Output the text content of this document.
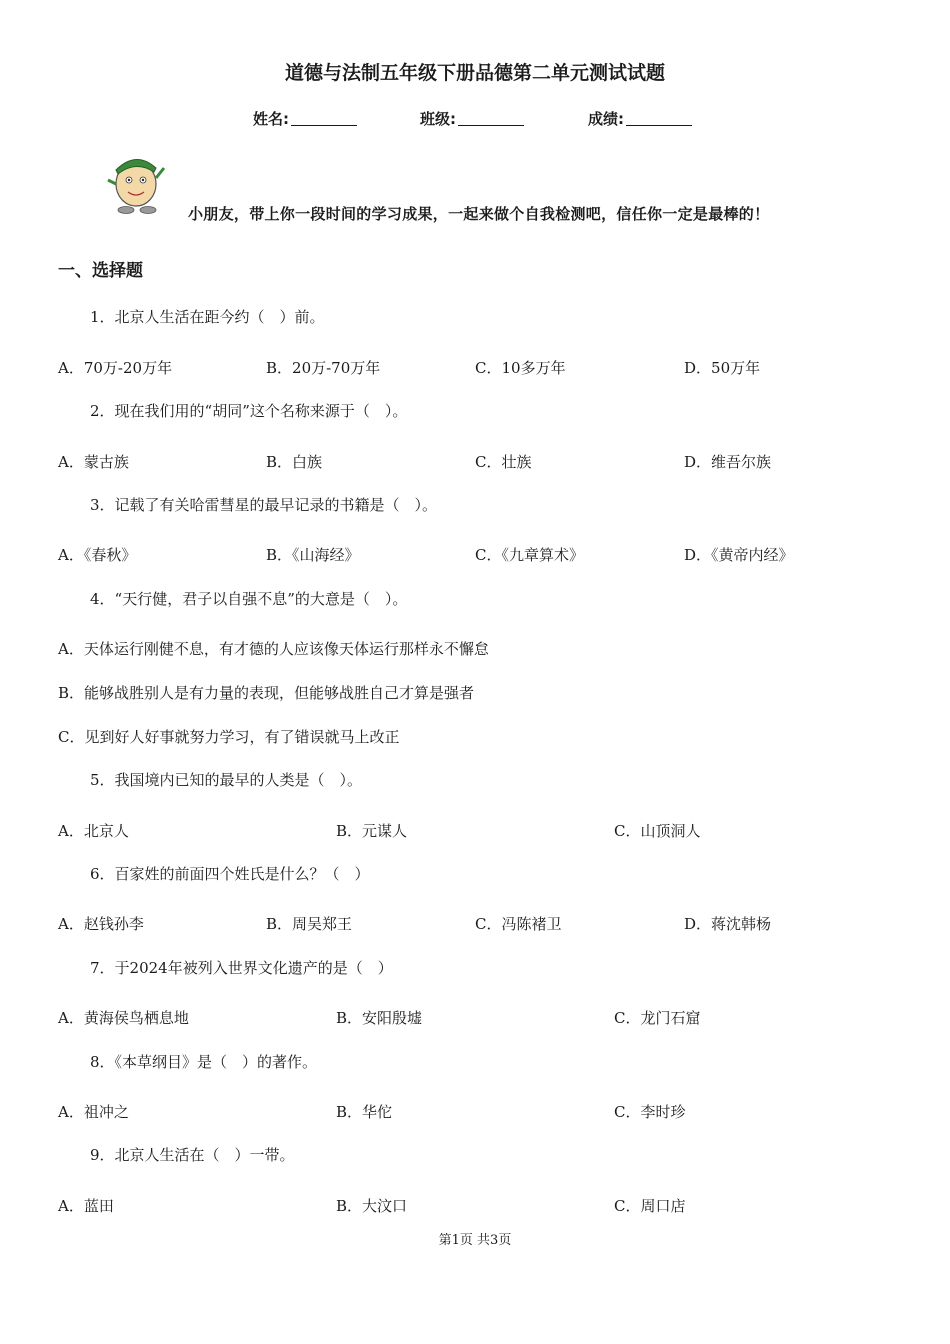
道德与法制五年级下册品德第二单元测试试题
姓名:	班级:	成绩:
小朋友，带上你一段时间的学习成果，一起来做个自我检测吧，信任你一定是最棒的！
一、选择题
1．北京人生活在距今约（　）前。
A．70万-20万年	B．20万-70万年	C．10多万年	D．50万年
2．现在我们用的“胡同”这个名称来源于（　）。
A．蒙古族	B．白族	C．壮族	D．维吾尔族
3．记载了有关哈雷彗星的最早记录的书籍是（　）。
A．《春秋》	B．《山海经》	C．《九章算术》	D．《黄帝内经》
4．“天行健，君子以自强不息”的大意是（　）。
A．天体运行刚健不息，有才德的人应该像天体运行那样永不懈怠
B．能够战胜别人是有力量的表现，但能够战胜自己才算是强者
C．见到好人好事就努力学习，有了错误就马上改正
5．我国境内已知的最早的人类是（　）。
A．北京人	B．元谋人	C．山顶洞人
6．百家姓的前面四个姓氏是什么？（　）
A．赵钱孙李	B．周吴郑王	C．冯陈褚卫	D．蒋沈韩杨
7．于2024年被列入世界文化遗产的是（　）
A．黄海侯鸟栖息地	B．安阳殷墟	C．龙门石窟
8．《本草纲目》是（　）的著作。
A．祖冲之	B．华佗	C．李时珍
9．北京人生活在（　）一带。
A．蓝田	B．大汶口	C．周口店
第1页 共3页
